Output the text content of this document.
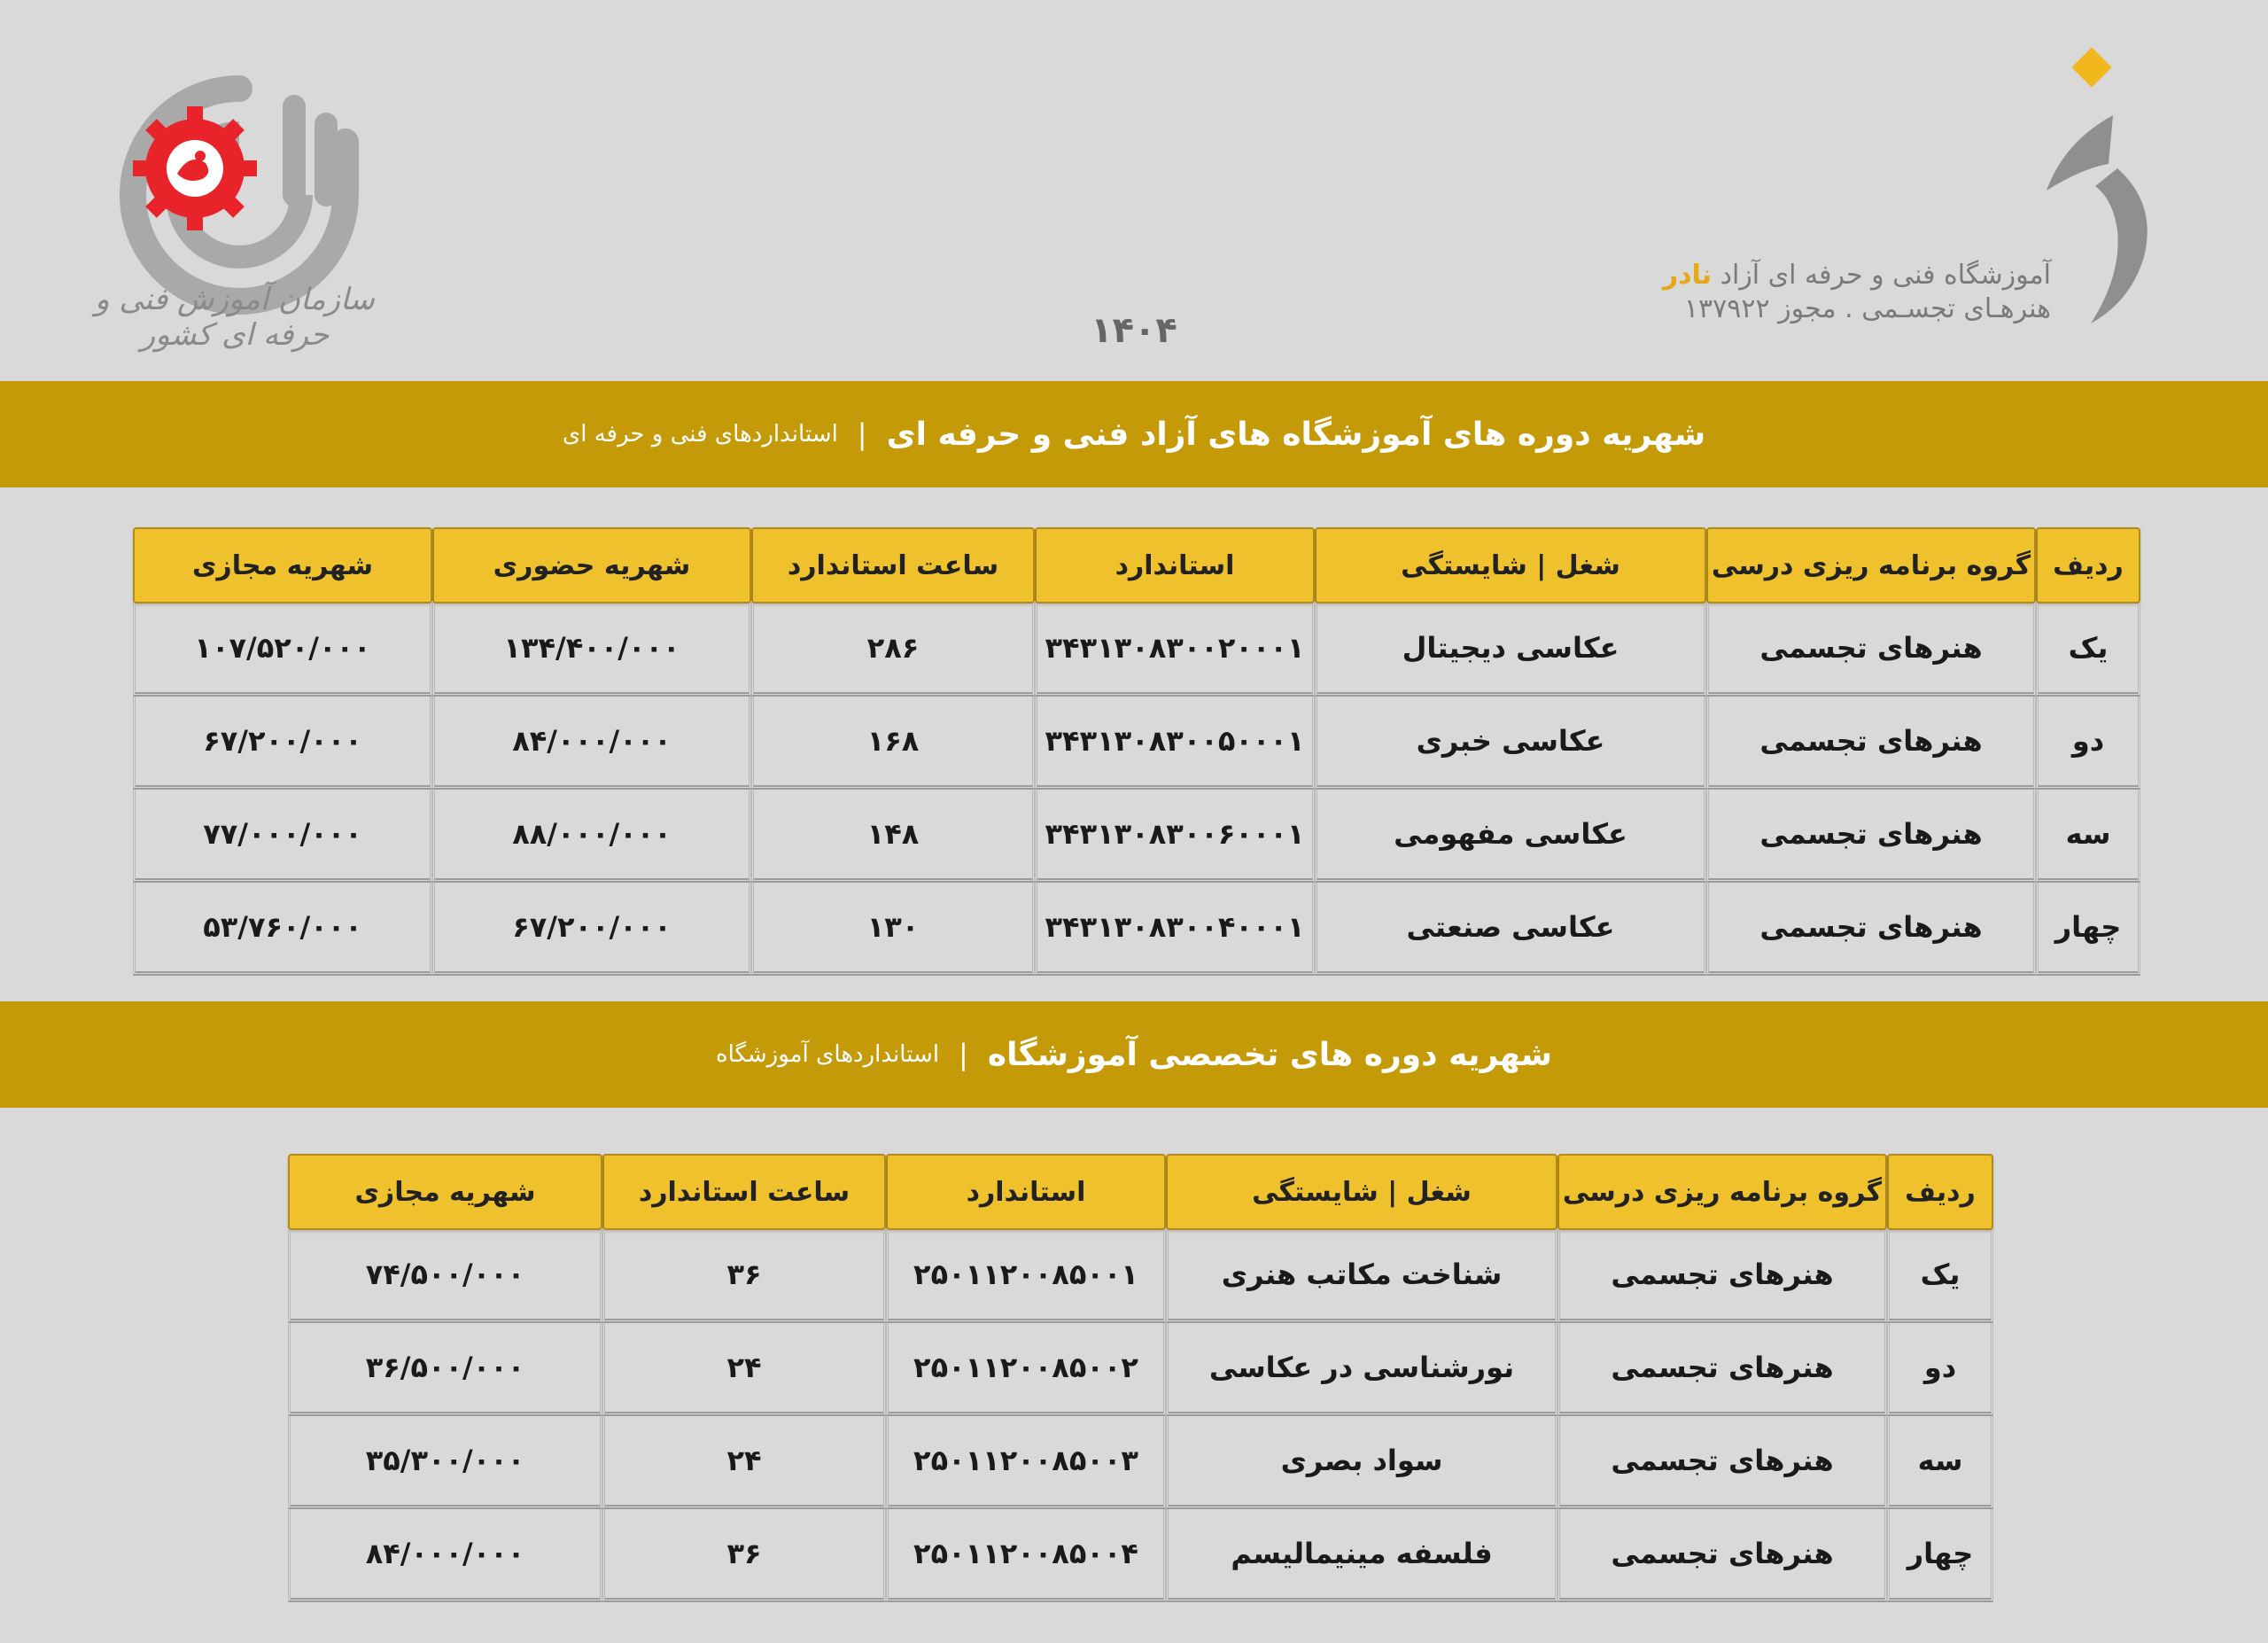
سازمان آموزش فنی و حرفه ای کشور
آموزشگاه فنی و حرفه ای آزاد نادر
هنرهـای تجسـمی . مجوز ۱۳۷۹۲۲
۱۴۰۴
شهریه دوره های آموزشگاه های آزاد فنی و حرفه ای
|
استانداردهای فنی و حرفه ای
ردیف	گروه برنامه ریزی درسی	شغل | شایستگی	استاندارد	ساعت استاندارد	شهریه حضوری	شهریه مجازی
یک	هنرهای تجسمی	عکاسی دیجیتال	۳۴۳۱۳۰۸۳۰۰۲۰۰۰۱	۲۸۶	۱۳۴/۴۰۰/۰۰۰	۱۰۷/۵۲۰/۰۰۰
دو	هنرهای تجسمی	عکاسی خبری	۳۴۳۱۳۰۸۳۰۰۵۰۰۰۱	۱۶۸	۸۴/۰۰۰/۰۰۰	۶۷/۲۰۰/۰۰۰
سه	هنرهای تجسمی	عکاسی مفهومی	۳۴۳۱۳۰۸۳۰۰۶۰۰۰۱	۱۴۸	۸۸/۰۰۰/۰۰۰	۷۷/۰۰۰/۰۰۰
چهار	هنرهای تجسمی	عکاسی صنعتی	۳۴۳۱۳۰۸۳۰۰۴۰۰۰۱	۱۳۰	۶۷/۲۰۰/۰۰۰	۵۳/۷۶۰/۰۰۰
شهریه دوره های تخصصی آموزشگاه
|
استانداردهای آموزشگاه
ردیف	گروه برنامه ریزی درسی	شغل | شایستگی	استاندارد	ساعت استاندارد	شهریه مجازی
یک	هنرهای تجسمی	شناخت مکاتب هنری	۲۵۰۱۱۲۰۰۸۵۰۰۱	۳۶	۷۴/۵۰۰/۰۰۰
دو	هنرهای تجسمی	نورشناسی در عکاسی	۲۵۰۱۱۲۰۰۸۵۰۰۲	۲۴	۳۶/۵۰۰/۰۰۰
سه	هنرهای تجسمی	سواد بصری	۲۵۰۱۱۲۰۰۸۵۰۰۳	۲۴	۳۵/۳۰۰/۰۰۰
چهار	هنرهای تجسمی	فلسفه مینیمالیسم	۲۵۰۱۱۲۰۰۸۵۰۰۴	۳۶	۸۴/۰۰۰/۰۰۰
